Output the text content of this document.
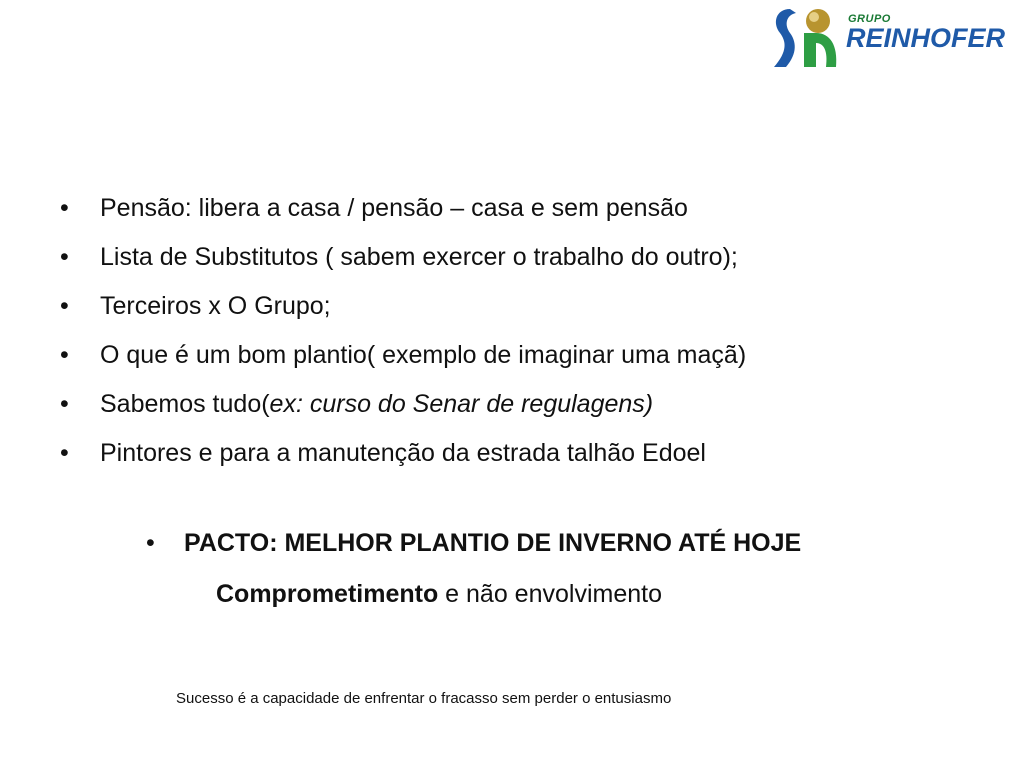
GRUPO
REINHOFER
• Pensão: libera a casa / pensão – casa e sem pensão
• Lista de Substitutos ( sabem exercer o trabalho do outro);
• Terceiros x O Grupo;
• O que é um bom plantio( exemplo de imaginar uma maçã)
• Sabemos tudo(ex: curso do Senar de regulagens)
• Pintores e para a manutenção da estrada talhão Edoel
• PACTO: MELHOR PLANTIO DE INVERNO ATÉ HOJE
Comprometimento e não envolvimento
Sucesso é a capacidade de enfrentar o fracasso sem perder o entusiasmo
